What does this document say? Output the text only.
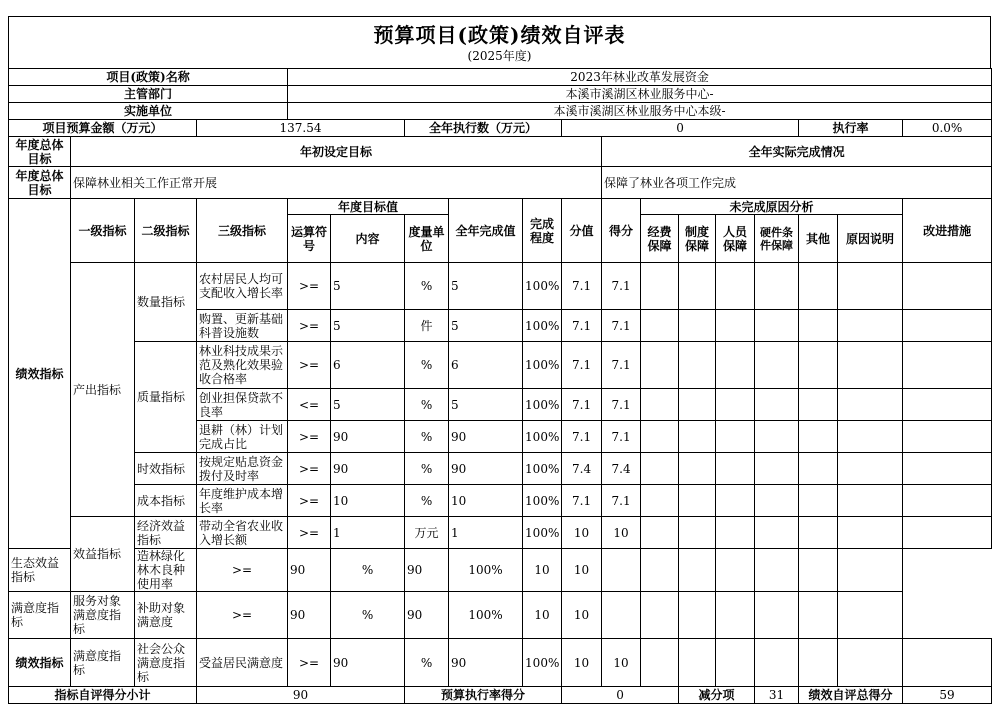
预算项目(政策)绩效自评表
(2025年度)
项目(政策)名称				2023年林业改革发展资金													
主管部门				本溪市溪湖区林业服务中心-													
实施单位				本溪市溪湖区林业服务中心本级-													
项目预算金额（万元）			137.54			全年执行数（万元）			0						执行率		0.0%
年度总体目标	年初设定目标									全年实际完成情况							
年度总体目标	保障林业相关工作正常开展									保障了林业各项工作完成							
绩效指标	一级指标	二级指标	三级指标	年度目标值			全年完成值	完成程度	分值	得分	未完成原因分析						改进措施
				运算符号	内容	度量单位					经费保障	制度保障	人员保障	硬件条件保障	其他	原因说明	
	产出指标	数量指标	农村居民人均可支配收入增长率	>=	5	%	5	100%	7.1	7.1							
			购置、更新基础科普设施数	>=	5	件	5	100%	7.1	7.1							
		质量指标	林业科技成果示范及熟化效果验收合格率	>=	6	%	6	100%	7.1	7.1							
			创业担保贷款不良率	<=	5	%	5	100%	7.1	7.1							
			退耕（林）计划完成占比	>=	90	%	90	100%	7.1	7.1							
		时效指标	按规定贴息资金拨付及时率	>=	90	%	90	100%	7.4	7.4							
		成本指标	年度维护成本增长率	>=	10	%	10	100%	7.1	7.1							
	效益指标	经济效益指标	带动全省农业收入增长额	>=	1	万元	1	100%	10	10							
生态效益指标		造林绿化林木良种使用率	>=	90	%	90	100%	10	10								
满意度指标	服务对象满意度指标	补助对象满意度	>=	90	%	90	100%	10	10								
绩效指标	满意度指标	社会公众满意度指标	受益居民满意度	>=	90	%	90	100%	10	10							
指标自评得分小计			90			预算执行率得分			0			减分项		31	绩效自评总得分		59
